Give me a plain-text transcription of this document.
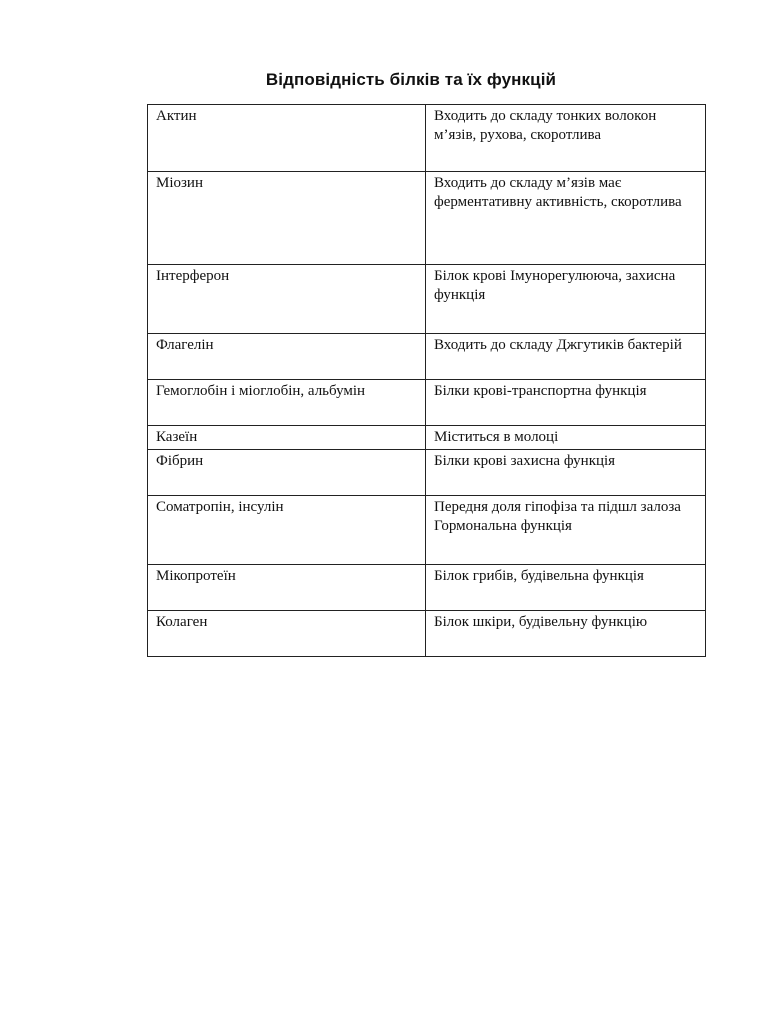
Відповідність білків та їх функцій
Актин	Входить до складу тонких волокон м’язів, рухова, скоротлива
Міозин	Входить до складу м’язів має ферментативну активність, скоротлива
Інтерферон	Білок крові Імунорегулююча, захисна функція
Флагелін	Входить до складу Джгутиків бактерій
Гемоглобін і міоглобін, альбумін	Білки крові-транспортна функція
Казеїн	Міститься в молоці
Фібрин	Білки крові захисна функція
Соматропін, інсулін	Передня доля гіпофіза та підшл залоза Гормональна функція
Мікопротеїн	Білок грибів, будівельна функція
Колаген	Білок шкіри, будівельну функцію
